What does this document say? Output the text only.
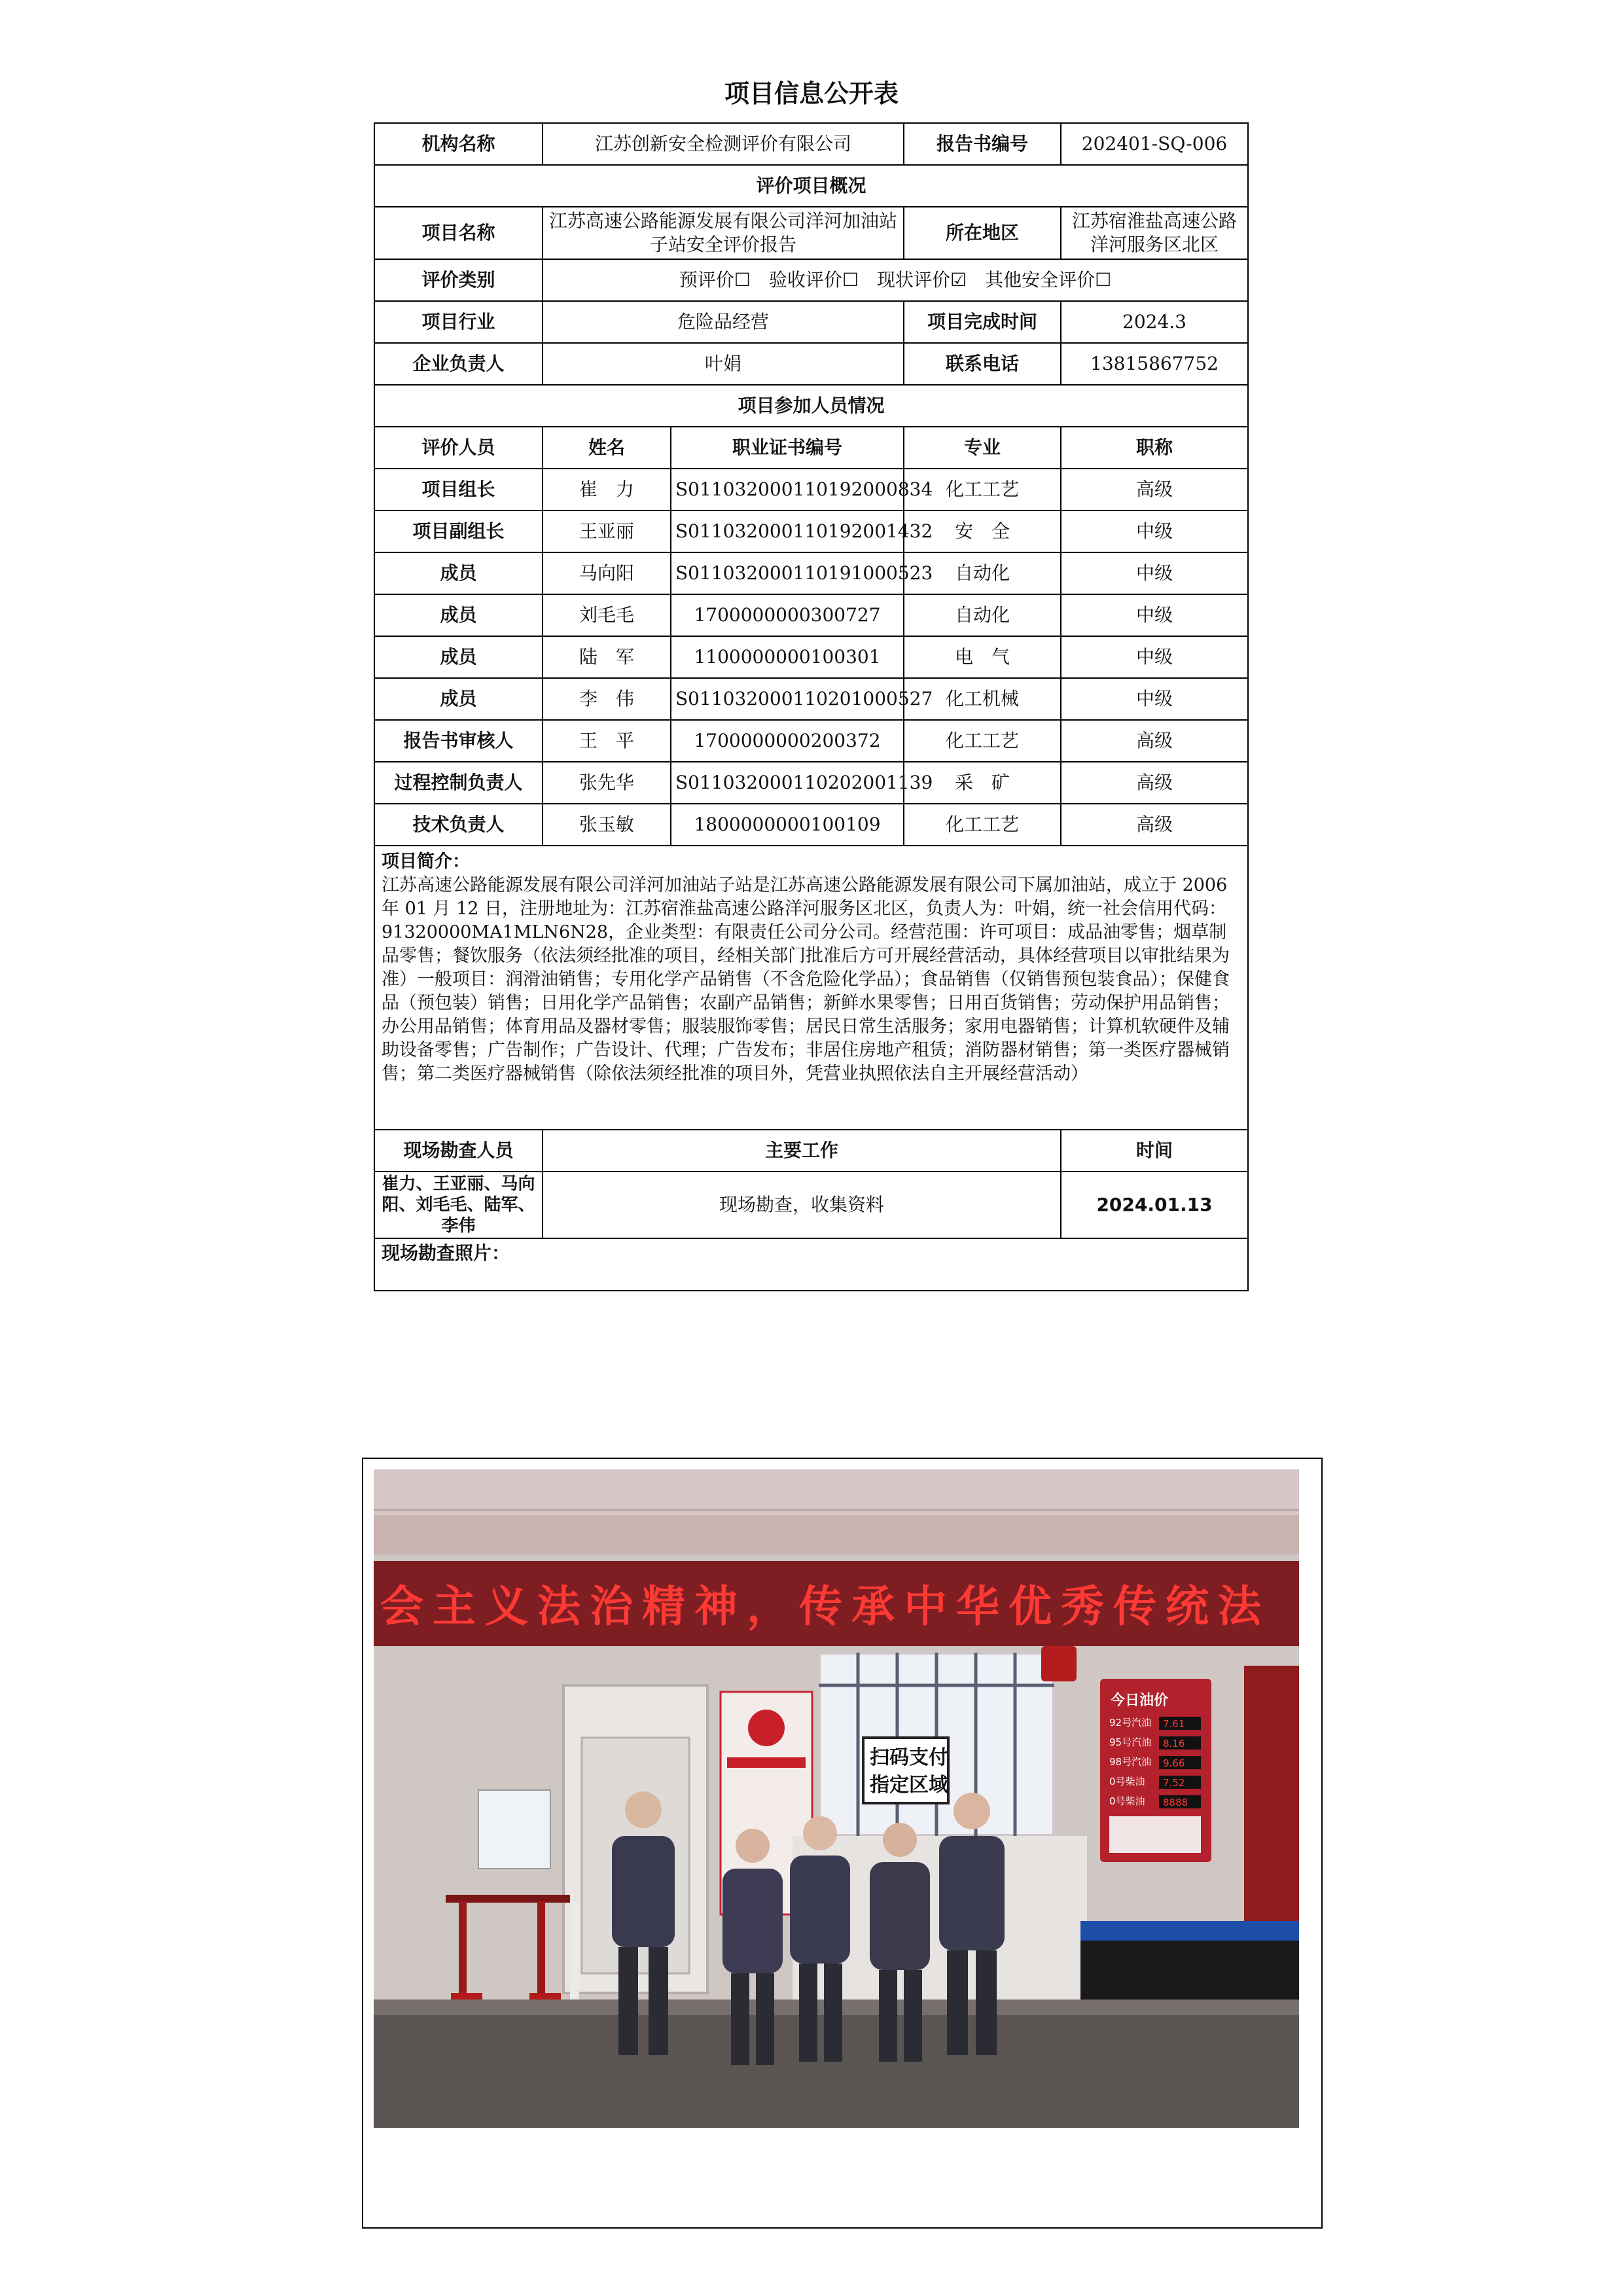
项目信息公开表
机构名称	江苏创新安全检测评价有限公司		报告书编号	202401-SQ-006
评价项目概况				
项目名称	江苏高速公路能源发展有限公司洋河加油站子站安全评价报告		所在地区	江苏宿淮盐高速公路洋河服务区北区
评价类别	预评价☐　验收评价☐　现状评价☑　其他安全评价☐			
项目行业	危险品经营		项目完成时间	2024.3
企业负责人	叶娟		联系电话	13815867752
项目参加人员情况				
评价人员	姓名	职业证书编号	专业	职称
项目组长	崔　力	S011032000110192000834	化工工艺	高级
项目副组长	王亚丽	S011032000110192001432	安　全	中级
成员	马向阳	S011032000110191000523	自动化	中级
成员	刘毛毛	1700000000300727	自动化	中级
成员	陆　军	1100000000100301	电　气	中级
成员	李　伟	S011032000110201000527	化工机械	中级
报告书审核人	王　平	1700000000200372	化工工艺	高级
过程控制负责人	张先华	S011032000110202001139	采　矿	高级
技术负责人	张玉敏	1800000000100109	化工工艺	高级

项目简介：
江苏高速公路能源发展有限公司洋河加油站子站是江苏高速公路能源发展有限公司下属加油站，成立于 2006 年 01 月 12 日，注册地址为：江苏宿淮盐高速公路洋河服务区北区，负责人为：叶娟，统一社会信用代码：91320000MA1MLN6N28，企业类型：有限责任公司分公司。经营范围：许可项目：成品油零售；烟草制品零售；餐饮服务（依法须经批准的项目，经相关部门批准后方可开展经营活动，具体经营项目以审批结果为准）一般项目：润滑油销售；专用化学产品销售（不含危险化学品）；食品销售（仅销售预包装食品）；保健食品（预包装）销售；日用化学产品销售；农副产品销售；新鲜水果零售；日用百货销售；劳动保护用品销售；办公用品销售；体育用品及器材零售；服装服饰零售；居民日常生活服务；家用电器销售；计算机软硬件及辅助设备零售；广告制作；广告设计、代理；广告发布；非居住房地产租赁；消防器材销售；第一类医疗器械销售；第二类医疗器械销售（除依法须经批准的项目外，凭营业执照依法自主开展经营活动）				

现场勘查人员	主要工作			时间
崔力、王亚丽、马向阳、刘毛毛、陆军、李伟	现场勘查，收集资料			2024.01.13
现场勘查照片：				
会主义法治精神，传承中华优秀传统法
扫码支付
指定区域
今日油价
92号汽油 7.61
95号汽油 8.16
98号汽油 9.66
0号柴油 7.52
0号柴油 8888
